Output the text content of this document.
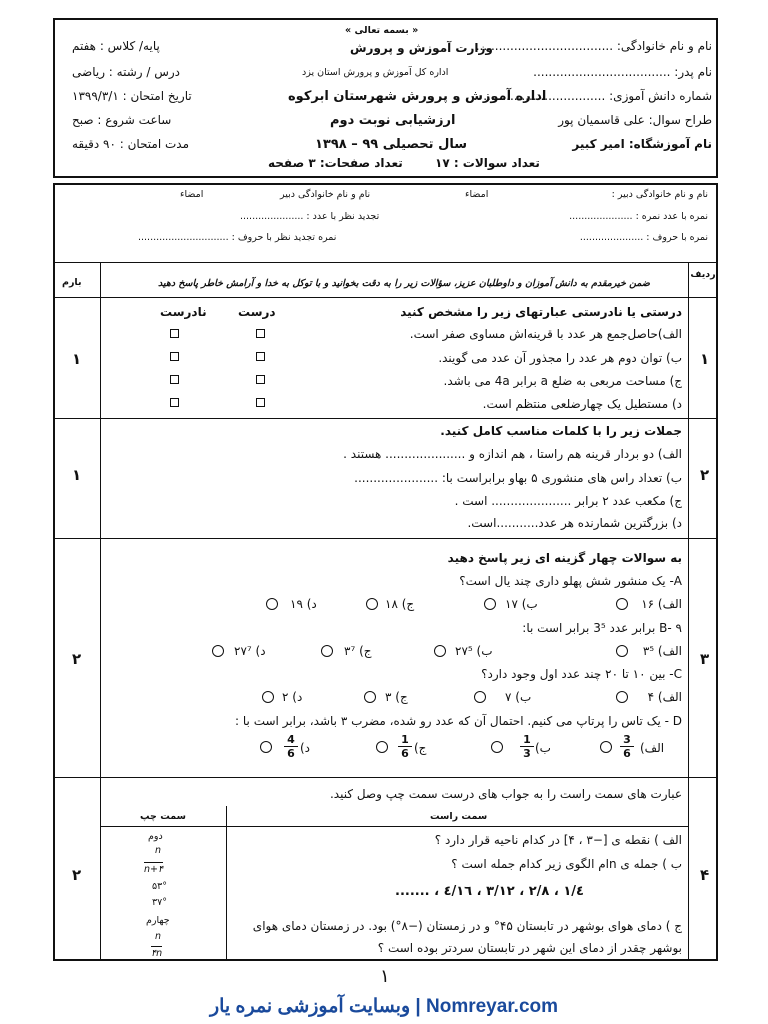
پایه/ کلاس : هفتم
درس / رشته : ریاضی
تاریخ امتحان : ۱۳۹۹/۳/۱
ساعت شروع : صبح
مدت امتحان : ۹۰ دقیقه
« بسمه تعالی »
وزارت آموزش و پرورش
اداره کل آموزش و پرورش استان یزد
اداره آموزش و پرورش شهرستان ابرکوه
ارزشیابی نوبت دوم
سال تحصیلی ۹۹ – ۱۳۹۸
تعداد سوالات : ۱۷
تعداد صفحات: ۳ صفحه
نام و نام خانوادگی: ....................................
نام پدر: ....................................
شماره دانش آموزی: ................................
طراح سوال: علی قاسمیان پور
نام آموزشگاه: امیر کبیر
نام و نام خانوادگی دبیر :
امضاء
نام و نام خانوادگی دبیر
امضاء
نمره با عدد نمره : .....................
تجدید نظر با عدد : .....................
نمره با حروف : .....................
نمره تجدید نظر با حروف : ..............................
ردیف
بارم	ضمن خیرمقدم به دانش آموزان و داوطلبان عزیز، سؤالات زیر را به دقت بخوانید و با توکل به خدا و آرامش خاطر پاسخ دهید
۱
۱
درستی یا نادرستی عبارتهای زیر را مشخص کنید
درست
نادرست
الف)حاصل‌جمع هر عدد با قرینه‌اش مساوی صفر است.
ب) توان دوم هر عدد را مجذور آن عدد می گویند.
ج) مساحت مربعی به ضلع a برابر 4a می باشد.
د) مستطیل یک چهارضلعی منتظم است.
۲
۱
جملات زیر را با کلمات مناسب کامل کنید.
الف) دو بردار قرینه هم راستا ، هم اندازه و ..................... هستند .
ب) تعداد راس های منشوری ۵ بهاو برابراست با: ......................
ج) مکعب عدد ۲ برابر ..................... است .
د) بزرگترین شمارنده هر عدد...........است.
۳
۲
به سوالات چهار گزینه ای زیر پاسخ دهید
A- یک منشور شش پهلو داری چند یال است؟
الف) ۱۶
ب) ۱۷
ج) ۱۸
د) ۱۹
B- ۹ برابر عدد 3⁵ برابر است با:
الف) ۳⁵
ب) ۲۷⁵
ج) ۳⁷
د) ۲۷⁷
C- بین ۱۰ تا ۲۰ چند عدد اول وجود دارد؟
الف) ۴
ب) ۷
ج) ۳
د) ۲
D - یک تاس را پرتاپ می کنیم. احتمال آن که عدد رو شده، مضرب ۳ باشد، برابر است با :
الف)
3
6
ب)
1
3
ج)
1
6
د)
4
6
۴
۲
عبارت های سمت راست را به جواب های درست سمت چپ وصل کنید.
سمت راست
سمت چپ
الف ) نقطه ی [−۳ ، ۴] در کدام ناحیه قرار دارد ؟
ب ) جمله ی nام الگوی زیر کدام جمله است ؟
١/٤ ، ٢/٨ ، ٣/١٢ ، ٤/١٦ ، .......
ج ) دمای هوای بوشهر در تابستان ۴۵° و در زمستان (−۸°) بود. در زمستان دمای هوای
بوشهر چقدر از دمای این شهر در تابستان سردتر بوده است ؟
دوم
n
۴+n
۵۳°
۳۷°
چهارم
n
۴n
۱
Nomreyar.com | وبسایت آموزشی نمره یار
